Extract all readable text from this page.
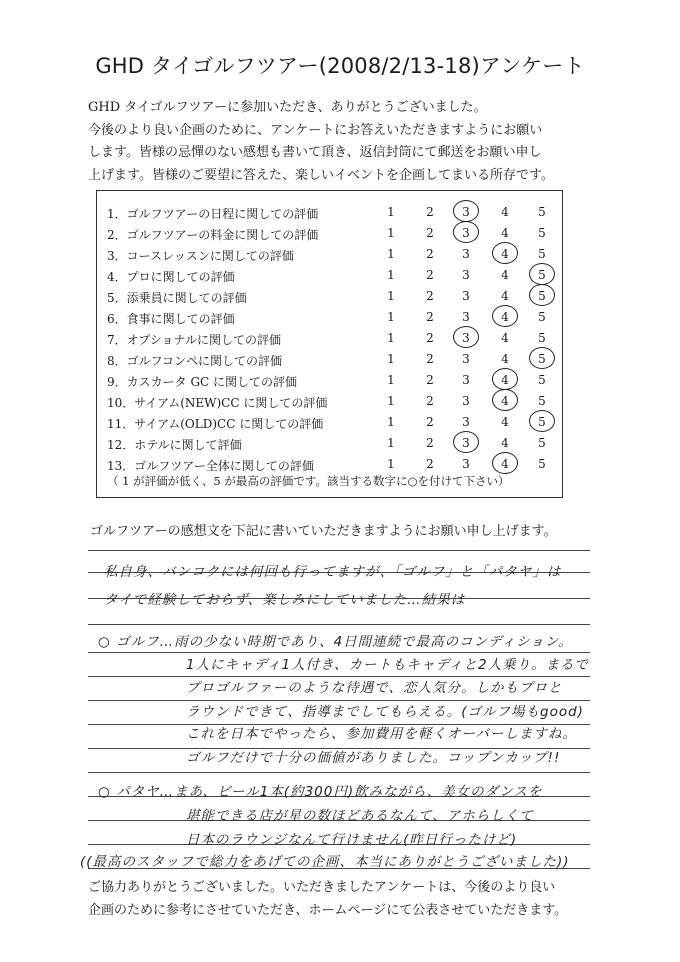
GHD タイゴルフツアー(2008/2/13-18)アンケート
GHD タイゴルフツアーに参加いただき、ありがとうございました。
今後のより良い企画のために、アンケートにお答えいただきますようにお願い
します。皆様の忌憚のない感想も書いて頂き、返信封筒にて郵送をお願い申し
上げます。皆様のご要望に答えた、楽しいイベントを企画してまいる所存です。
1．ゴルフツアーの日程に関しての評価	1	2	3	4	5
2．ゴルフツアーの料金に関しての評価	1	2	3	4	5
3．コースレッスンに関しての評価	1	2	3	4	5
4．プロに関しての評価	1	2	3	4	5
5．添乗員に関しての評価	1	2	3	4	5
6．食事に関しての評価	1	2	3	4	5
7．オプショナルに関しての評価	1	2	3	4	5
8．ゴルフコンペに関しての評価	1	2	3	4	5
9．カスカータ GC に関しての評価	1	2	3	4	5
10．サイアム(NEW)CC に関しての評価	1	2	3	4	5
11．サイアム(OLD)CC に関しての評価	1	2	3	4	5
12．ホテルに関して評価	1	2	3	4	5
13．ゴルフツアー全体に関しての評価	1	2	3	4	5
（ 1 が評価が低く、5 が最高の評価です。該当する数字に○を付けて下さい）
ゴルフツアーの感想文を下記に書いていただきますようにお願い申し上げます。
私自身、バンコクには何回も行ってますが、「ゴルフ」と「パタヤ」は
タイで経験しておらず、楽しみにしていました…結果は
○ ゴルフ…雨の少ない時期であり、4日間連続で最高のコンディション。
1人にキャディ1人付き、カートもキャディと2人乗り。まるで
プロゴルファーのような待遇で、恋人気分。しかもプロと
ラウンドできて、指導までしてもらえる。(ゴルフ場もgood)
これを日本でやったら、参加費用を軽くオーバーしますね。
ゴルフだけで十分の価値がありました。コップンカップ!!
○ パタヤ…まあ、ビール1本(約300円)飲みながら、美女のダンスを
堪能できる店が星の数ほどあるなんて、アホらしくて
日本のラウンジなんて行けません(昨日行ったけど)
((最高のスタッフで総力をあげての企画、本当にありがとうございました))
ご協力ありがとうございました。いただきましたアンケートは、今後のより良い
企画のために参考にさせていただき、ホームページにて公表させていただきます。
